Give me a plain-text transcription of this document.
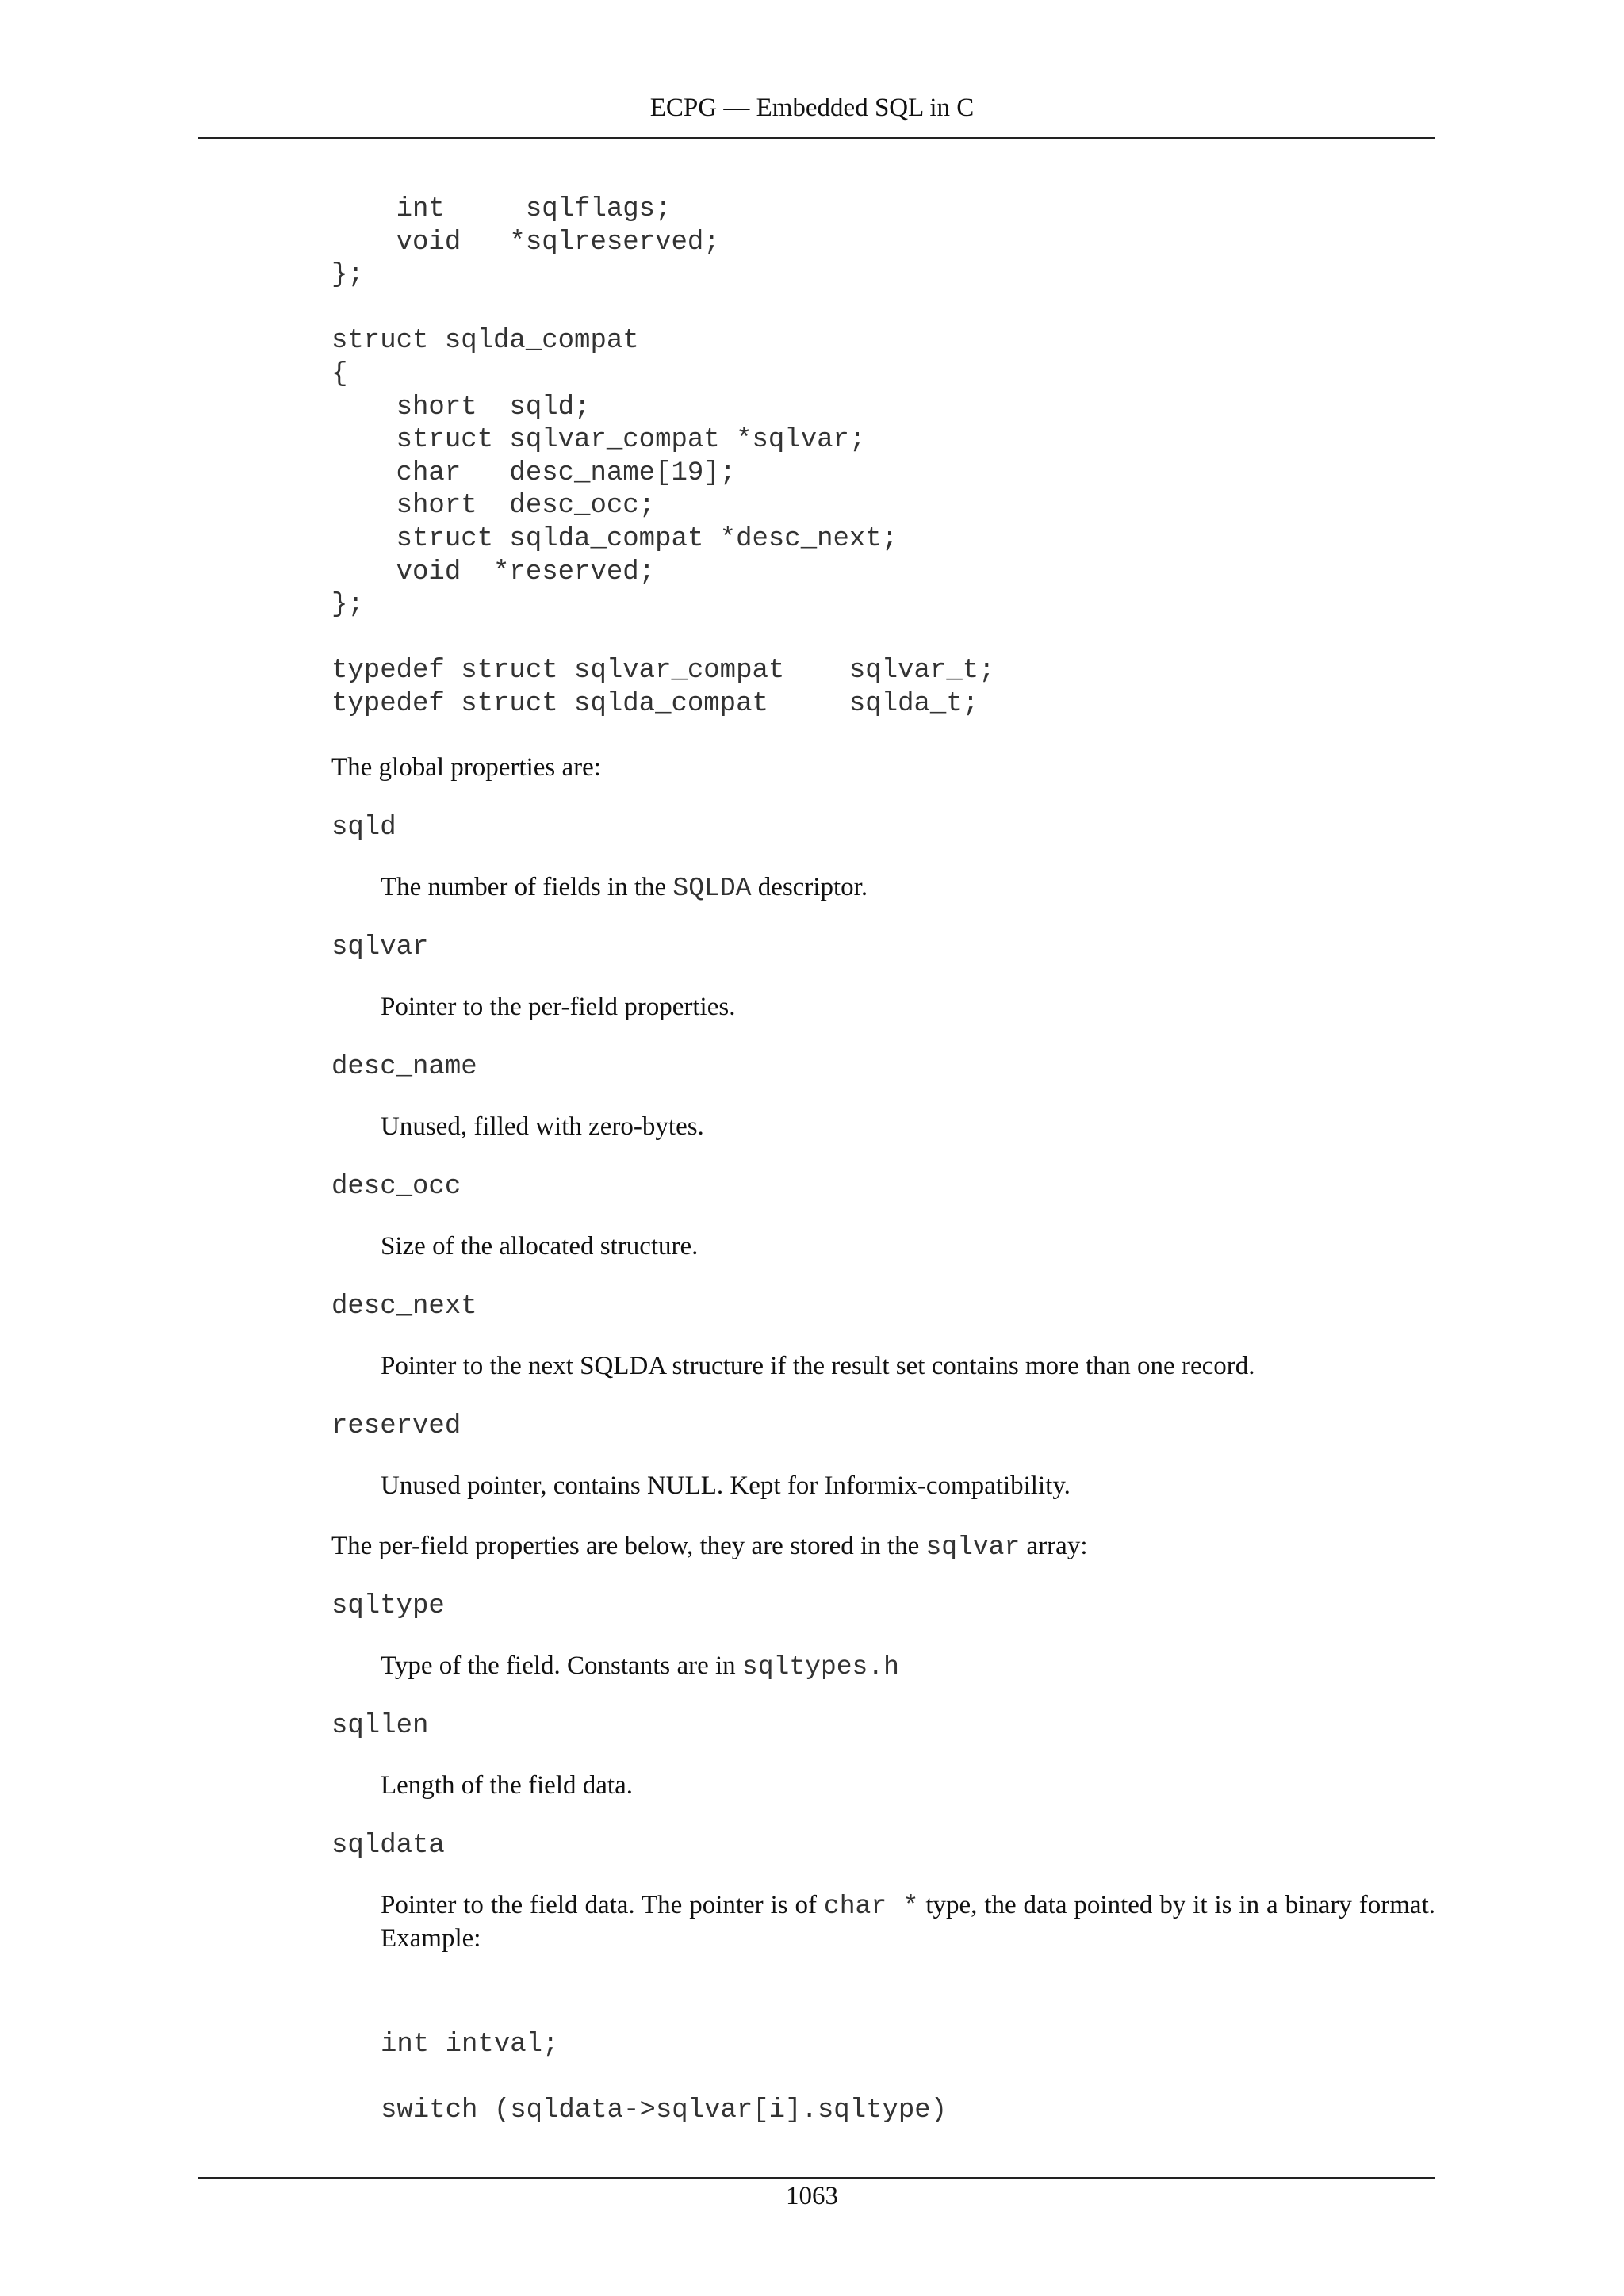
ECPG — Embedded SQL in C
int     sqlflags;
void   *sqlreserved;
};

struct sqlda_compat
{
short  sqld;
struct sqlvar_compat *sqlvar;
char   desc_name[19];
short  desc_occ;
struct sqlda_compat *desc_next;
void  *reserved;
};

typedef struct sqlvar_compat    sqlvar_t;
typedef struct sqlda_compat     sqlda_t;
The global properties are:
sqld
The number of fields in the SQLDA descriptor.
sqlvar
Pointer to the per-field properties.
desc_name
Unused, filled with zero-bytes.
desc_occ
Size of the allocated structure.
desc_next
Pointer to the next SQLDA structure if the result set contains more than one record.
reserved
Unused pointer, contains NULL. Kept for Informix-compatibility.
The per-field properties are below, they are stored in the sqlvar array:
sqltype
Type of the field. Constants are in sqltypes.h
sqllen
Length of the field data.
sqldata
Pointer to the field data. The pointer is of char * type, the data pointed by it is in a binary format. Example:
int intval;
switch (sqldata->sqlvar[i].sqltype)
1063
